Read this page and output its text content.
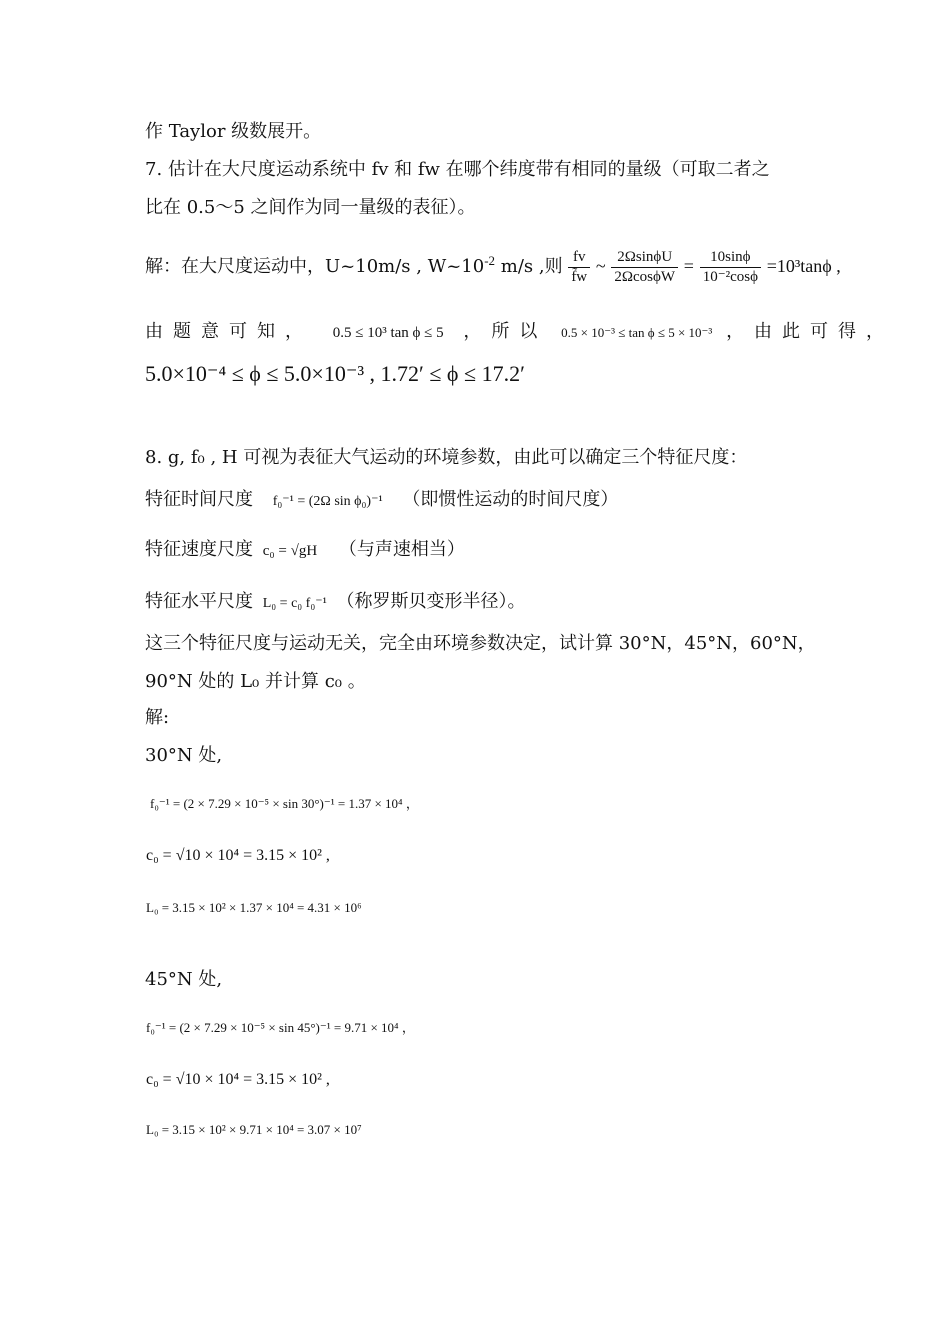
作 Taylor 级数展开。
7. 估计在大尺度运动系统中 fv 和 fw 在哪个纬度带有相同的量级（可取二者之
比在 0.5～5 之间作为同一量级的表征）。
解：在大尺度运动中，U~10m/s , $W\sim 10^{-2}$ m/s ,则 $\frac{fv}{f̃w}$ ~ $\frac{2\Omega\sin\phi U}{2\Omega\cos\phi W} = \frac{10\sin\phi}{\text{10⁻²cosϕ}} =10^3\tan\phi$ ,
由题意可知， 0.5 ≤ 10³ tan ϕ ≤ 5 ，所以 0.5 × 10⁻³ ≤ tan ϕ ≤ 5 × 10⁻³ ，由此可得，
5.0×10⁻⁴ ≤ ϕ ≤ 5.0×10⁻³ , 1.72′ ≤ ϕ ≤ 17.2′
8. g, f₀ , H 可视为表征大气运动的环境参数，由此可以确定三个特征尺度：
特征时间尺度 f₀⁻¹ = (2Ω sin ϕ₀)⁻¹ （即惯性运动的时间尺度）
特征速度尺度 c₀ = √gH （与声速相当）
特征水平尺度 L₀ = c₀ f₀⁻¹ （称罗斯贝变形半径）。
这三个特征尺度与运动无关，完全由环境参数决定，试计算 30°N，45°N，60°N，
90°N 处的 L₀ 并计算 c₀ 。
解:
30°N 处,
f₀⁻¹ = (2 × 7.29 × 10⁻⁵ × sin 30°)⁻¹ = 1.37 × 10⁴ ，
c₀ = √10 × 10⁴ = 3.15 × 10² ,
L₀ = 3.15 × 10² × 1.37 × 10⁴ = 4.31 × 10⁶
45°N 处,
f₀⁻¹ = (2 × 7.29 × 10⁻⁵ × sin 45°)⁻¹ = 9.71 × 10⁴ ，
c₀ = √10 × 10⁴ = 3.15 × 10² ,
L₀ = 3.15 × 10² × 9.71 × 10⁴ = 3.07 × 10⁷
